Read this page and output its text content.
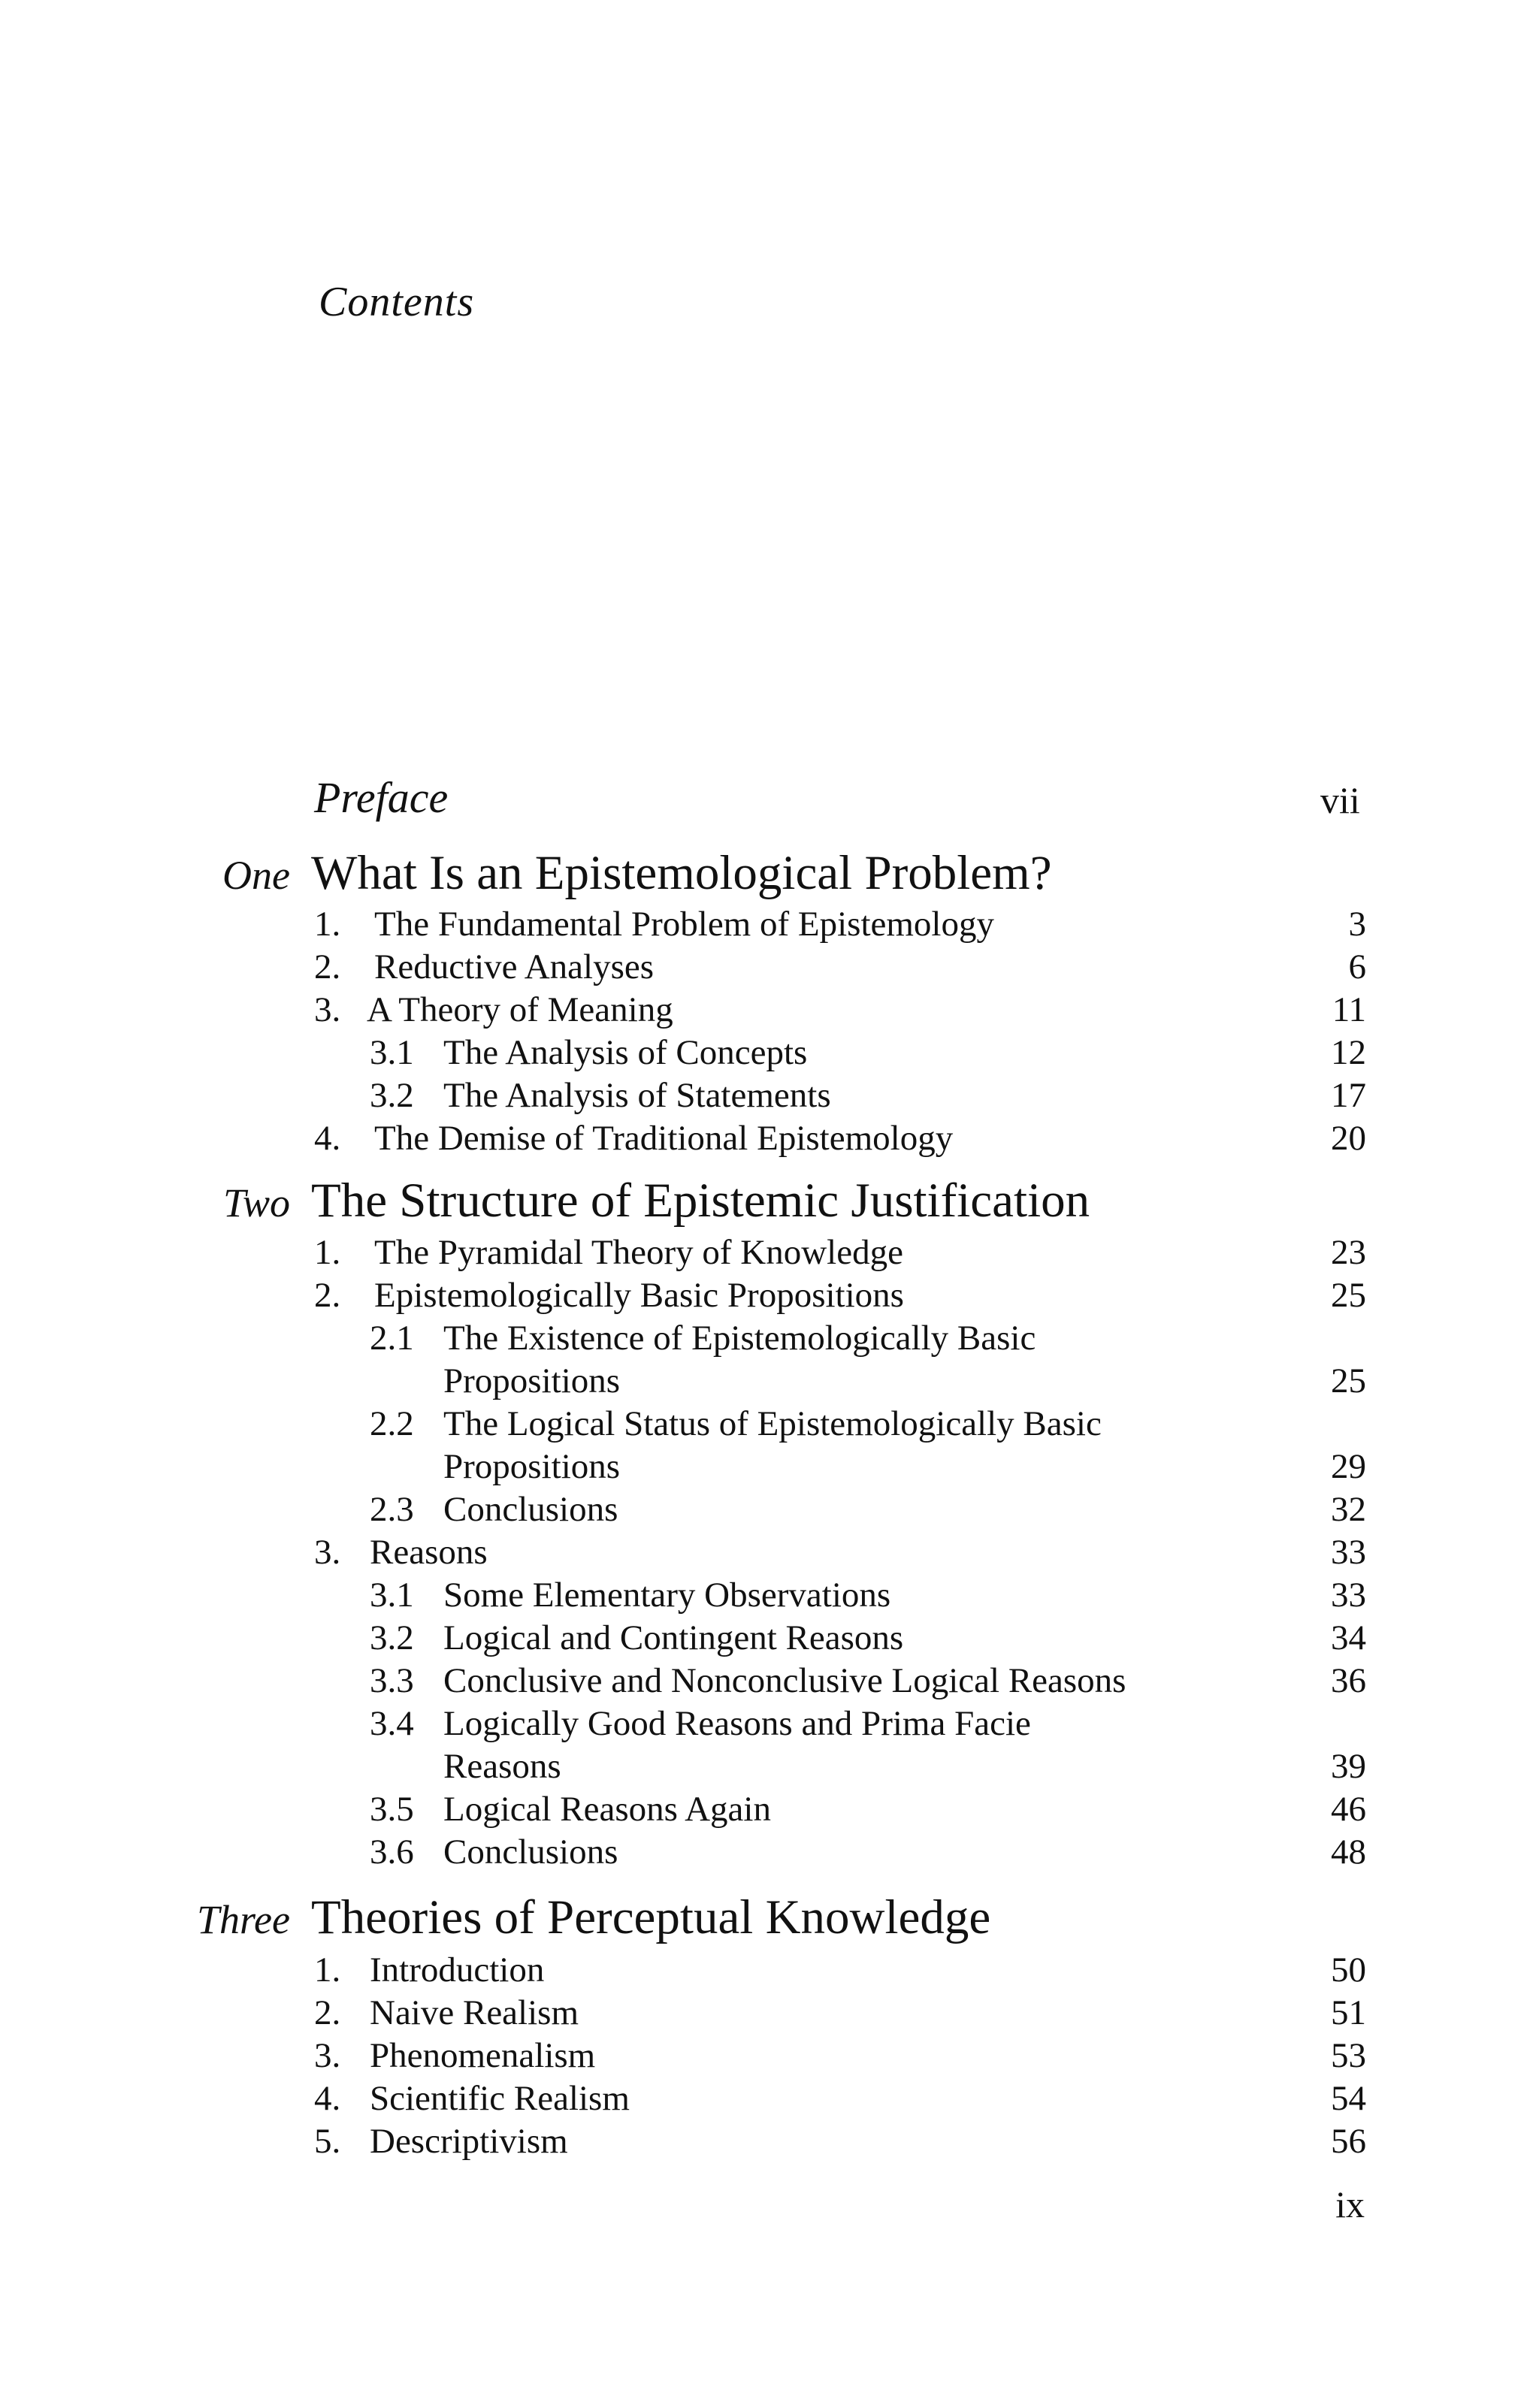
Contents
Preface	vii
One What Is an Epistemological Problem?
1. The Fundamental Problem of Epistemology	3
2. Reductive Analyses	6
3. A Theory of Meaning	11
3.1 The Analysis of Concepts	12
3.2 The Analysis of Statements	17
4. The Demise of Traditional Epistemology	20
Two The Structure of Epistemic Justification
1. The Pyramidal Theory of Knowledge	23
2. Epistemologically Basic Propositions	25
2.1 The Existence of Epistemologically Basic
Propositions	25
2.2 The Logical Status of Epistemologically Basic
Propositions	29
2.3 Conclusions	32
3. Reasons	33
3.1 Some Elementary Observations	33
3.2 Logical and Contingent Reasons	34
3.3 Conclusive and Nonconclusive Logical Reasons	36
3.4 Logically Good Reasons and Prima Facie
Reasons	39
3.5 Logical Reasons Again	46
3.6 Conclusions	48
Three Theories of Perceptual Knowledge
1. Introduction	50
2. Naive Realism	51
3. Phenomenalism	53
4. Scientific Realism	54
5. Descriptivism	56
ix
